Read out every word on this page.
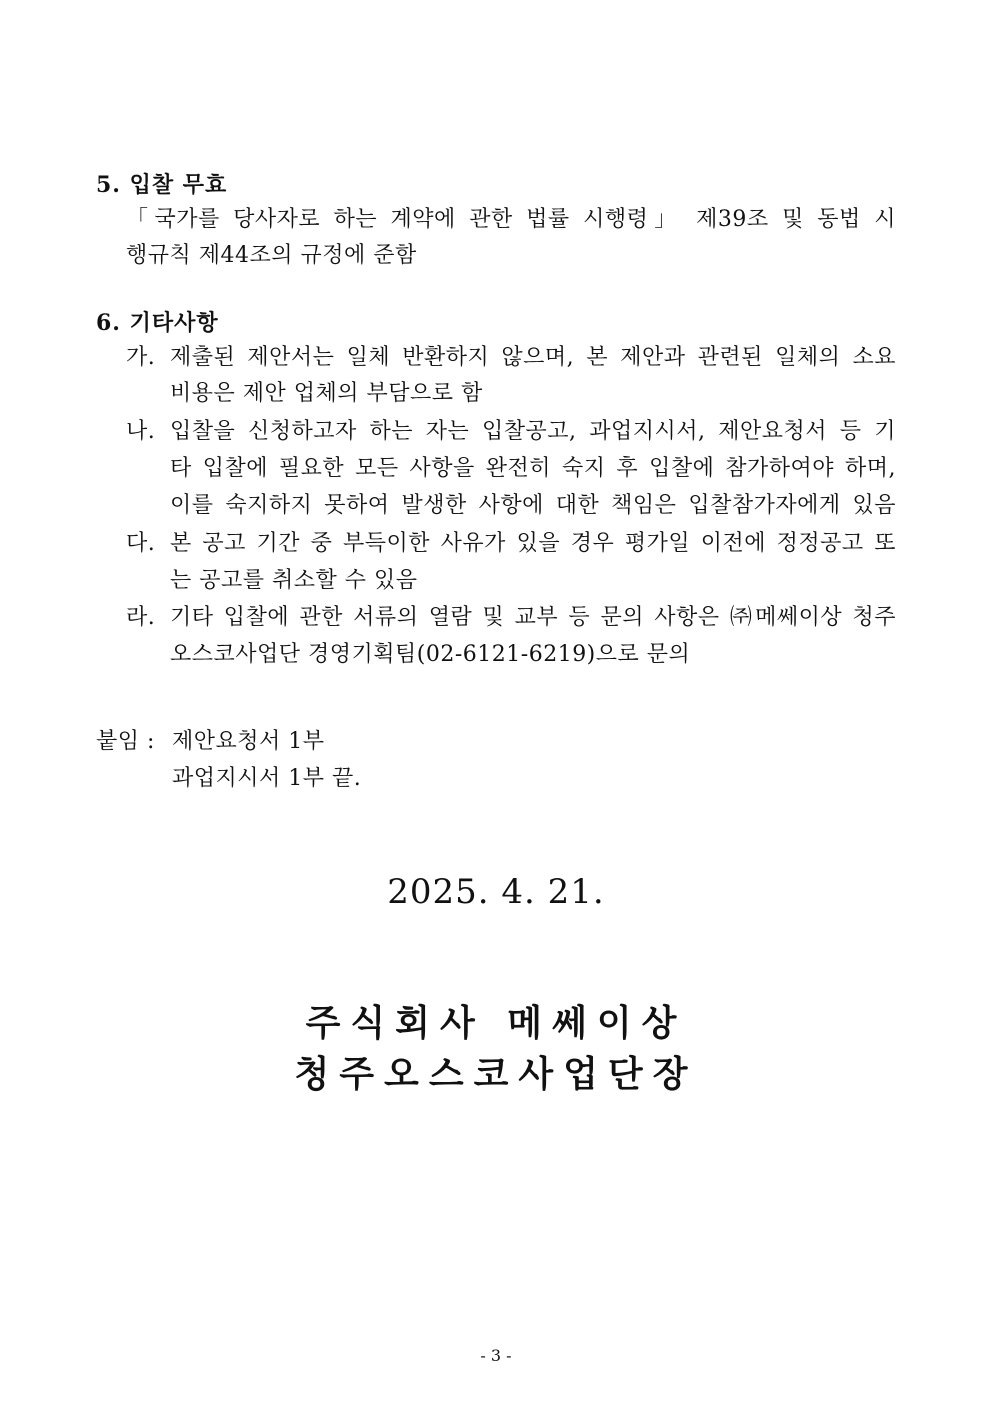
5. 입찰 무효
「국가를 당사자로 하는 계약에 관한 법률 시행령」 제39조 및 동법 시
행규칙 제44조의 규정에 준함
6. 기타사항
가. 제출된 제안서는 일체 반환하지 않으며, 본 제안과 관련된 일체의 소요
비용은 제안 업체의 부담으로 함
나. 입찰을 신청하고자 하는 자는 입찰공고, 과업지시서, 제안요청서 등 기
타 입찰에 필요한 모든 사항을 완전히 숙지 후 입찰에 참가하여야 하며,
이를 숙지하지 못하여 발생한 사항에 대한 책임은 입찰참가자에게 있음
다. 본 공고 기간 중 부득이한 사유가 있을 경우 평가일 이전에 정정공고 또
는 공고를 취소할 수 있음
라. 기타 입찰에 관한 서류의 열람 및 교부 등 문의 사항은 ㈜메쎄이상 청주
오스코사업단 경영기획팀(02-6121-6219)으로 문의
붙임 : 제안요청서 1부
과업지시서 1부 끝.
2025. 4. 21.
주식회사 메쎄이상
청주오스코사업단장
- 3 -
